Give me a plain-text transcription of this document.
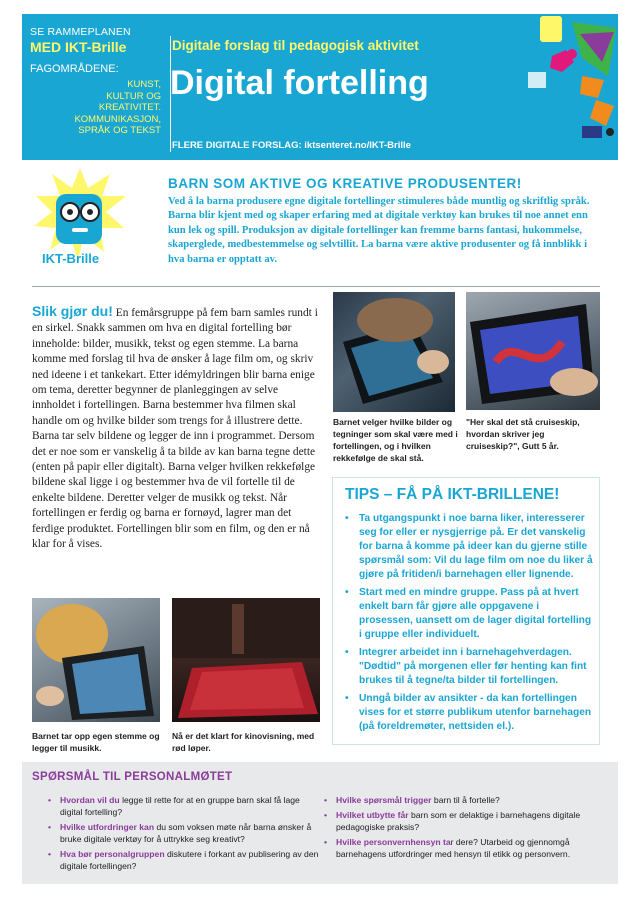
SE RAMMEPLANEN
MED IKT-Brille
FAGOMRÅDENE:
KUNST,
KULTUR OG
KREATIVITET.
KOMMUNIKASJON,
SPRÅK OG TEKST
Digitale forslag til pedagogisk aktivitet
Digital fortelling
FLERE DIGITALE FORSLAG: iktsenteret.no/IKT-Brille
IKT-Brille
BARN SOM AKTIVE OG KREATIVE PRODUSENTER!

Ved å la barna produsere egne digitale fortellinger stimuleres både muntlig og skriftlig språk. Barna blir kjent med og skaper erfaring med at digitale verktøy kan brukes til noe annet enn kun lek og spill. Produksjon av digitale fortellinger kan fremme barns fantasi, hukommelse, skaperglede, medbestemmelse og selvtillit. La barna være aktive produsenter og få innblikk i hva barna er opptatt av.

Slik gjør du! En femårsgruppe på fem barn samles rundt i en sirkel. Snakk sammen om hva en digital fortelling bør inneholde: bilder, musikk, tekst og egen stemme. La barna komme med forslag til hva de ønsker å lage film om, og skriv ned ideene i et tankekart. Etter idémyldringen blir barna enige om tema, deretter begynner de planleggingen av selve innholdet i fortellingen. Barna bestemmer hva filmen skal handle om og hvilke bilder som trengs for å illustrere dette. Barna tar selv bildene og legger de inn i programmet. Dersom det er noe som er vanskelig å ta bilde av kan barna tegne dette (enten på papir eller digitalt). Barna velger hvilken rekkefølge bildene skal ligge i og bestemmer hva de vil fortelle til de enkelte bildene. Deretter velger de musikk og tekst. Når fortellingen er ferdig og barna er fornøyd, lagrer man det ferdige produktet. Fortellingen blir som en film, og den er nå klar for å vises.

Barnet velger hvilke bilder og tegninger som skal være med i fortellingen, og i hvilken rekkefølge de skal stå.
"Her skal det stå cruiseskip, hvordan skriver jeg cruiseskip?", Gutt 5 år.
Barnet tar opp egen stemme og legger til musikk.
Nå er det klart for kinovisning, med rød løper.
TIPS – FÅ PÅ IKT-BRILLENE!
• Ta utgangspunkt i noe barna liker, interesserer seg for eller er nysgjerrige på. Er det vanskelig for barna å komme på ideer kan du gjerne stille spørsmål som: Vil du lage film om noe du liker å gjøre på fritiden/i barnehagen eller lignende.
• Start med en mindre gruppe. Pass på at hvert enkelt barn får gjøre alle oppgavene i prosessen, uansett om de lager digital fortelling i gruppe eller individuelt.
• Integrer arbeidet inn i barnehagehverdagen. "Dødtid" på morgenen eller før henting kan fint brukes til å tegne/ta bilder til fortellingen.
• Unngå bilder av ansikter - da kan fortellingen vises for et større publikum utenfor barnehagen (på foreldremøter, nettsiden el.).
SPØRSMÅL TIL PERSONALMØTET
• Hvordan vil du legge til rette for at en gruppe barn skal få lage digital fortelling?
• Hvilke utfordringer kan du som voksen møte når barna ønsker å bruke digitale verktøy for å uttrykke seg kreativt?
• Hva bør personalgruppen diskutere i forkant av publisering av den digitale fortellingen?
• Hvilke spørsmål trigger barn til å fortelle?
• Hvilket utbytte får barn som er delaktige i barnehagens digitale pedagogiske praksis?
• Hvilke personvernhensyn tar dere? Utarbeid og gjennomgå barnehagens utfordringer med hensyn til etikk og personvern.
